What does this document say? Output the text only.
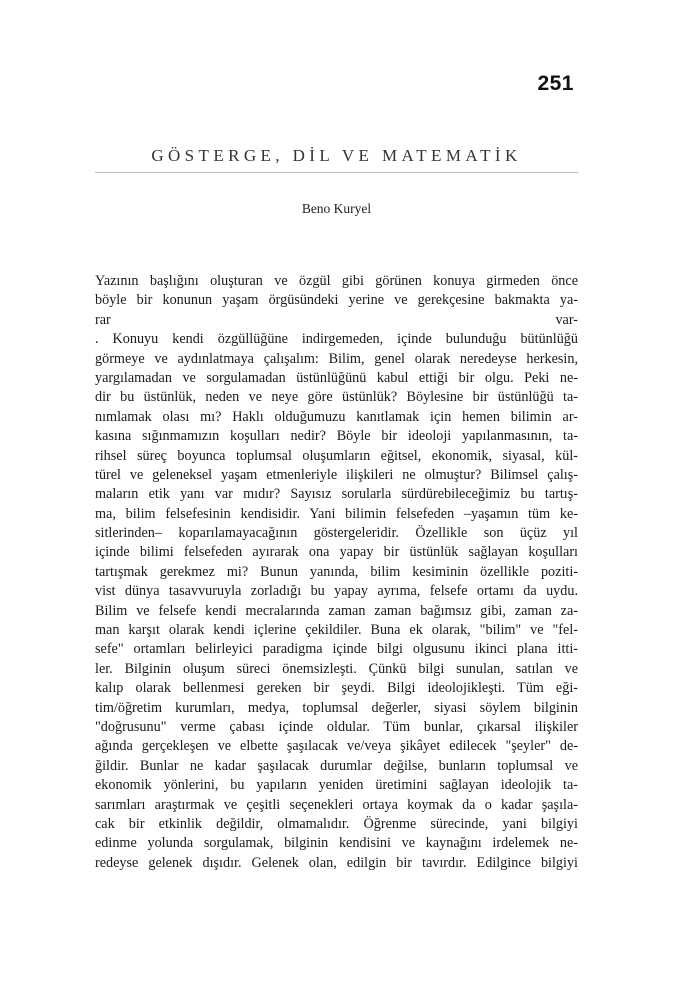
251
GÖSTERGE, DİL VE MATEMATİK
Beno Kuryel
Yazının başlığını oluşturan ve özgül gibi görünen konuya girmeden önce
böyle bir konunun yaşam örgüsündeki yerine ve gerekçesine bakmakta ya-
rar	var-
. Konuyu kendi özgüllüğüne indirgemeden, içinde bulunduğu bütünlüğü
görmeye ve aydınlatmaya çalışalım: Bilim, genel olarak neredeyse herkesin,
yargılamadan ve sorgulamadan üstünlüğünü kabul ettiği bir olgu. Peki ne-
dir bu üstünlük, neden ve neye göre üstünlük? Böylesine bir üstünlüğü ta-
nımlamak olası mı? Haklı olduğumuzu kanıtlamak için hemen bilimin ar-
kasına sığınmamızın koşulları nedir? Böyle bir ideoloji yapılanmasının, ta-
rihsel süreç boyunca toplumsal oluşumların eğitsel, ekonomik, siyasal, kül-
türel ve geleneksel yaşam etmenleriyle ilişkileri ne olmuştur? Bilimsel çalış-
maların etik yanı var mıdır? Sayısız sorularla sürdürebileceğimiz bu tartış-
ma, bilim felsefesinin kendisidir. Yani bilimin felsefeden –yaşamın tüm ke-
sitlerinden– koparılamayacağının göstergeleridir. Özellikle son üçüz yıl
içinde bilimi felsefeden ayırarak ona yapay bir üstünlük sağlayan koşulları
tartışmak gerekmez mi? Bunun yanında, bilim kesiminin özellikle poziti-
vist dünya tasavvuruyla zorladığı bu yapay ayrıma, felsefe ortamı da uydu.
Bilim ve felsefe kendi mecralarında zaman zaman bağımsız gibi, zaman za-
man karşıt olarak kendi içlerine çekildiler. Buna ek olarak, "bilim" ve "fel-
sefe" ortamları belirleyici paradigma içinde bilgi olgusunu ikinci plana itti-
ler. Bilginin oluşum süreci önemsizleşti. Çünkü bilgi sunulan, satılan ve
kalıp olarak bellenmesi gereken bir şeydi. Bilgi ideolojikleşti. Tüm eği-
tim/öğretim kurumları, medya, toplumsal değerler, siyasi söylem bilginin
"doğrusunu" verme çabası içinde oldular. Tüm bunlar, çıkarsal ilişkiler
ağında gerçekleşen ve elbette şaşılacak ve/veya şikâyet edilecek "şeyler" de-
ğildir. Bunlar ne kadar şaşılacak durumlar değilse, bunların toplumsal ve
ekonomik yönlerini, bu yapıların yeniden üretimini sağlayan ideolojik ta-
sarımları araştırmak ve çeşitli seçenekleri ortaya koymak da o kadar şaşıla-
cak bir etkinlik değildir, olmamalıdır. Öğrenme sürecinde, yani bilgiyi
edinme yolunda sorgulamak, bilginin kendisini ve kaynağını irdelemek ne-
redeyse gelenek dışıdır. Gelenek olan, edilgin bir tavırdır. Edilgince bilgiyi
